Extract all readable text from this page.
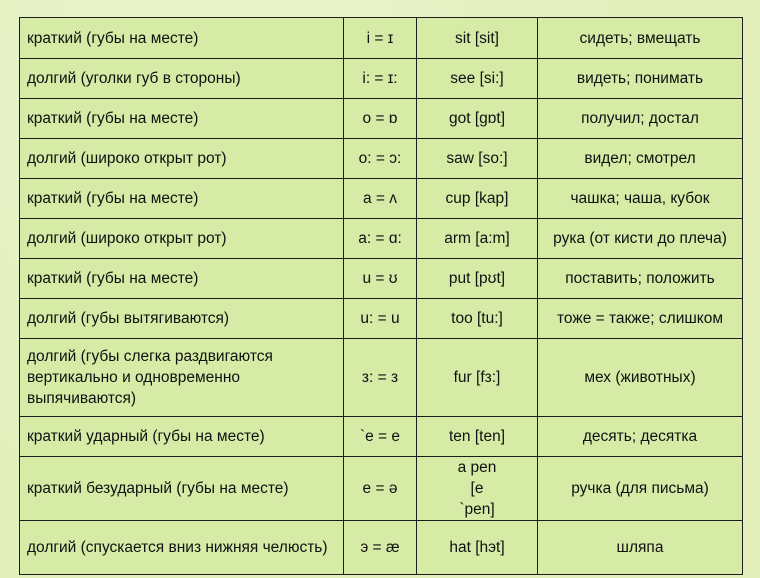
краткий (губы на месте)	i = ɪ	sit [sit]	сидеть; вмещать
долгий (уголки губ в стороны)	i: = ɪ:	see [si:]	видеть; понимать
краткий (губы на месте)	o = ɒ	got [ɡɒt]	получил; достал
долгий (широко открыт рот)	o: = ɔ:	saw [so:]	видел; смотрел
краткий (губы на месте)	a = ʌ	cup [kap]	чашка; чаша, кубок
долгий (широко открыт рот)	a: = ɑ:	arm [a:m]	рука (от кисти до плеча)
краткий (губы на месте)	u = ʊ	put [pʊt]	поставить; положить
долгий (губы вытягиваются)	u: = u	too [tu:]	тоже = также; слишком
долгий (губы слегка раздвигаются вертикально и одновременно выпячиваются)	з: = з	fur [fз:]	мех (животных)
краткий ударный (губы на месте)	`e = e	ten [ten]	десять; десятка
краткий безударный (губы на месте)	e = ə	a pen [e `pen]	ручка (для письма)
долгий (спускается вниз нижняя челюсть)	э = æ	hat [hэt]	шляпа
